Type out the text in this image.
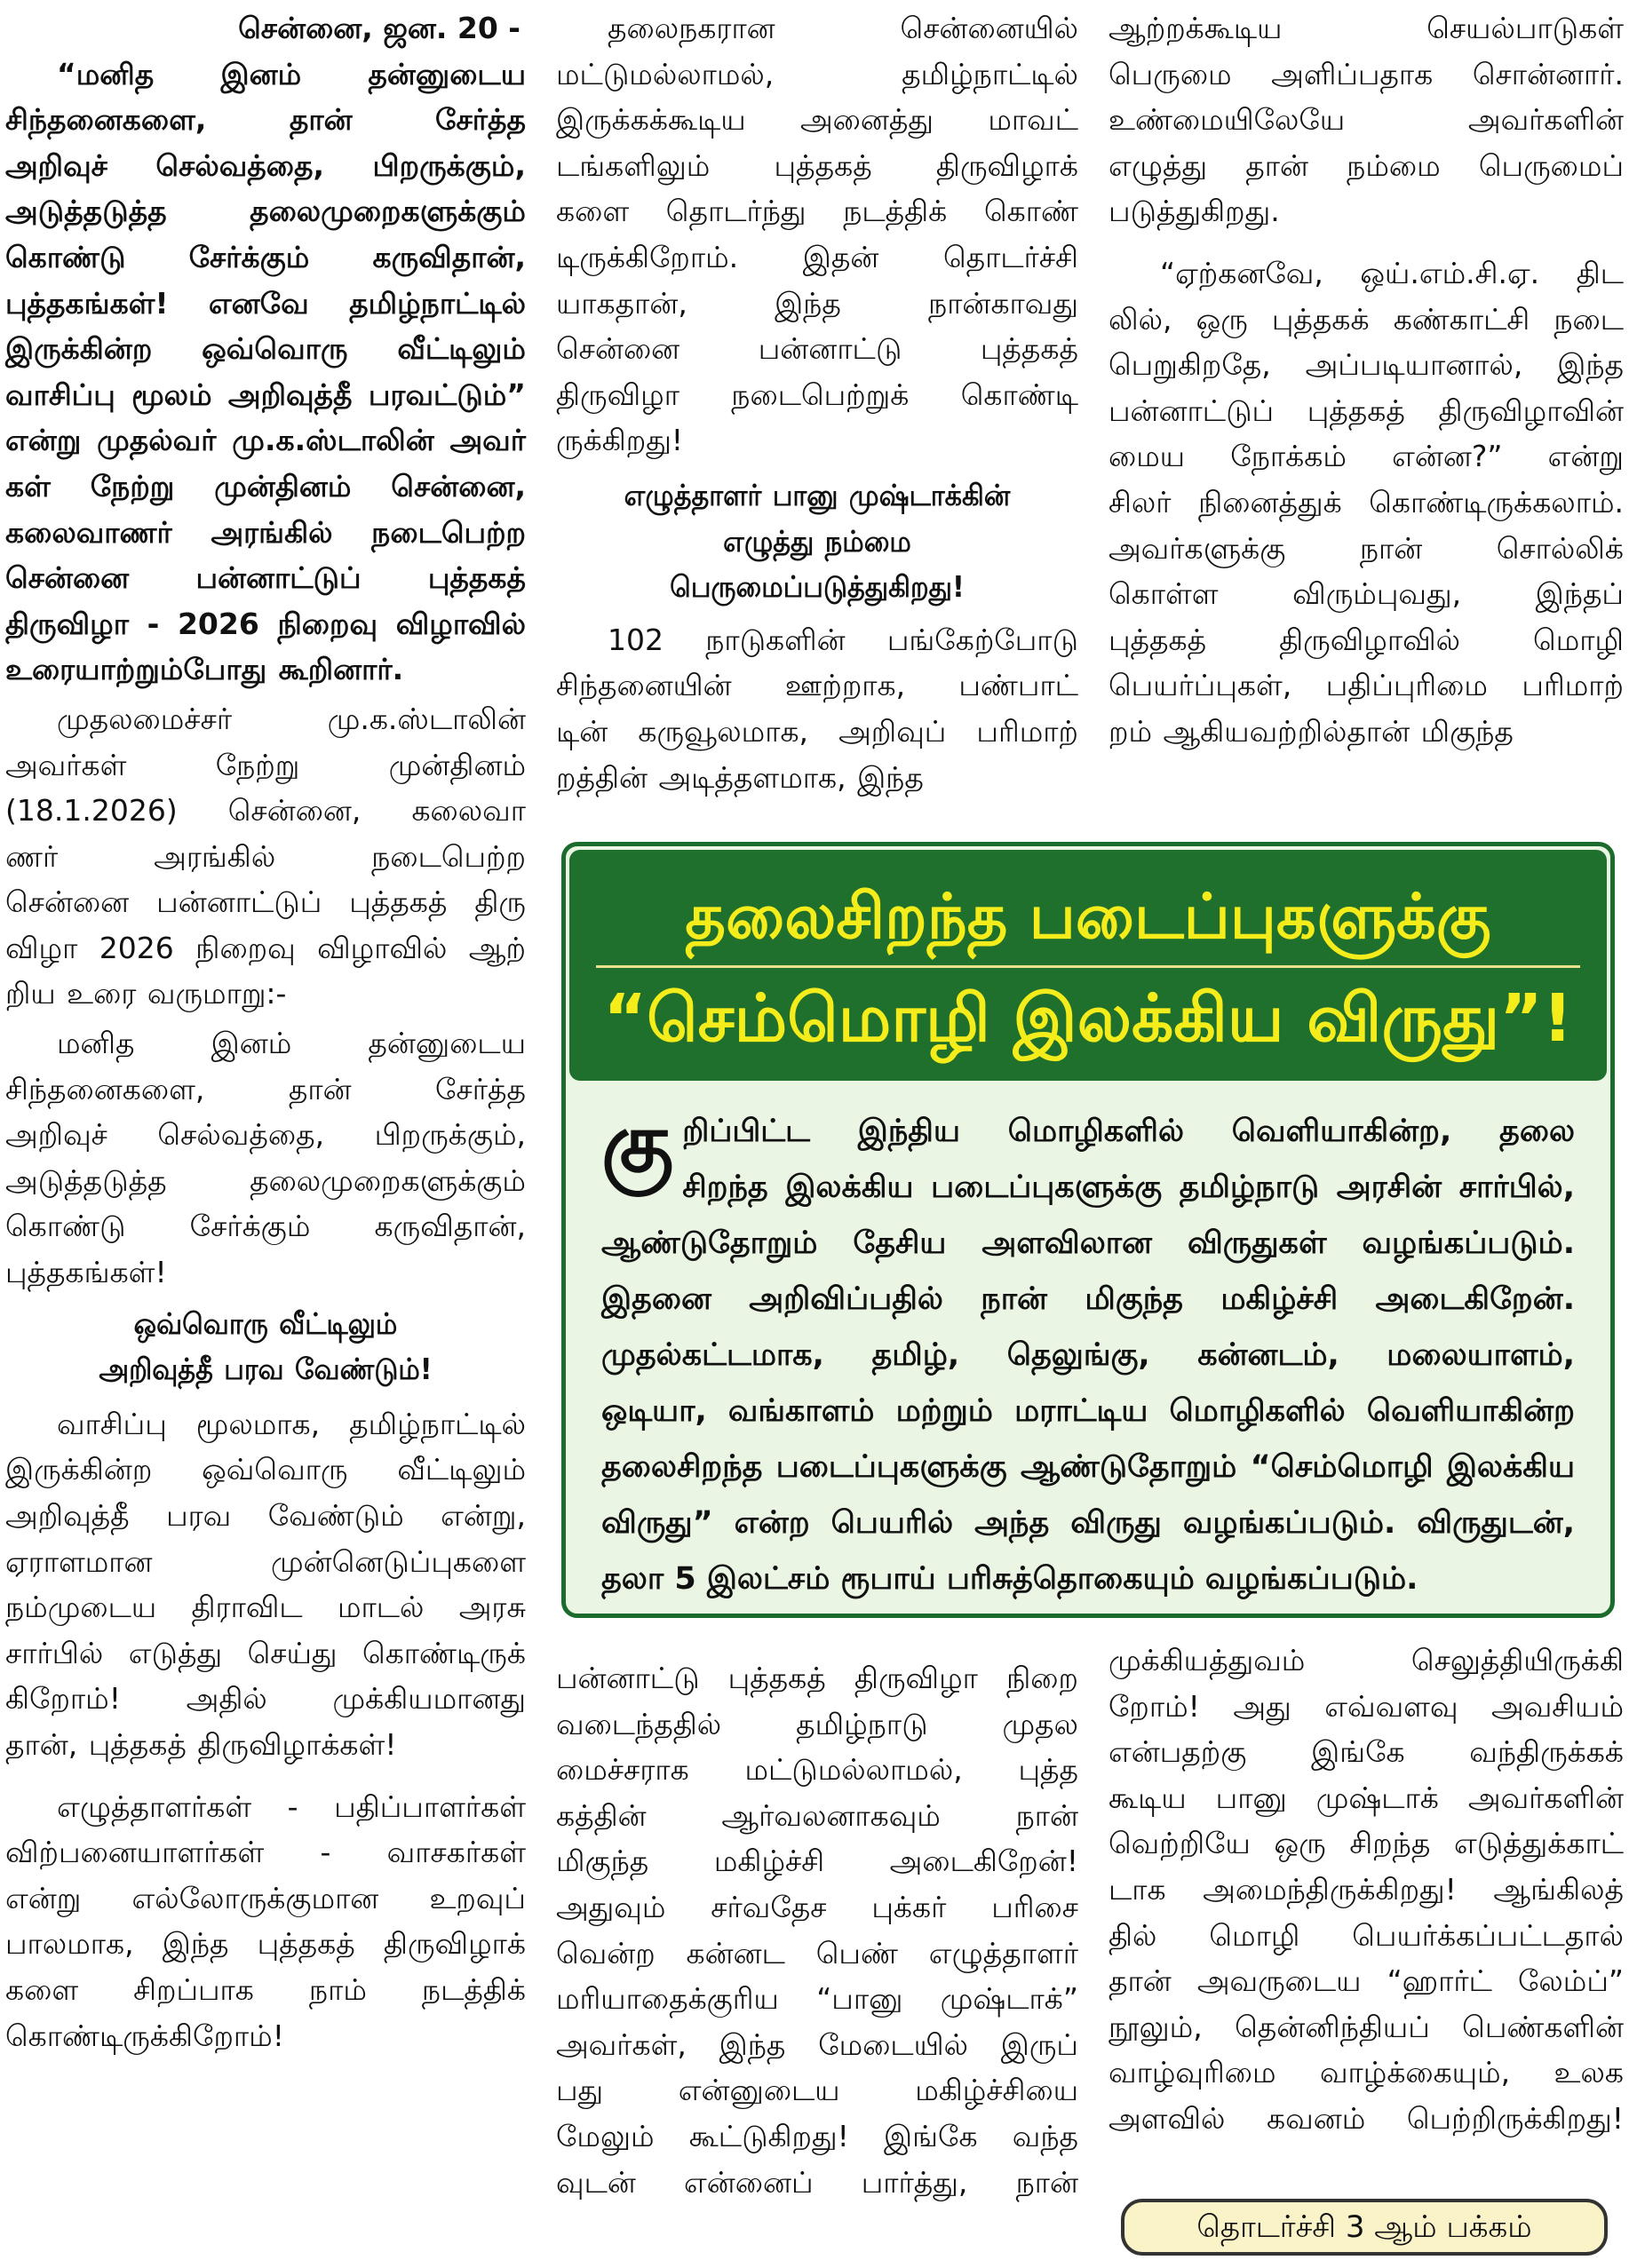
சென்னை, ஜன. 20 -

“மனித இனம் தன்னுடைய

சிந்தனைகளை, தான் சேர்த்த

அறிவுச் செல்வத்தை, பிறருக்கும்,

அடுத்தடுத்த தலைமுறைகளுக்கும்

கொண்டு சேர்க்கும் கருவிதான்,

புத்தகங்கள்! எனவே தமிழ்நாட்டில்

இருக்கின்ற ஒவ்வொரு வீட்டிலும்

வாசிப்பு மூலம் அறிவுத்தீ பரவட்டும்”

என்று முதல்வர் மு.க.ஸ்டாலின் அவர்

கள் நேற்று முன்தினம் சென்னை,

கலைவாணர் அரங்கில் நடைபெற்ற

சென்னை பன்னாட்டுப் புத்தகத்

திருவிழா - 2026 நிறைவு விழாவில்

உரையாற்றும்போது கூறினார்.

முதலமைச்சர் மு.க.ஸ்டாலின்

அவர்கள் நேற்று முன்தினம்

(18.1.2026) சென்னை, கலைவா

ணர் அரங்கில் நடைபெற்ற

சென்னை பன்னாட்டுப் புத்தகத் திரு

விழா 2026 நிறைவு விழாவில் ஆற்

றிய உரை வருமாறு:-

மனித இனம் தன்னுடைய

சிந்தனைகளை, தான் சேர்த்த

அறிவுச் செல்வத்தை, பிறருக்கும்,

அடுத்தடுத்த தலைமுறைகளுக்கும்

கொண்டு சேர்க்கும் கருவிதான்,

புத்தகங்கள்!

ஒவ்வொரு வீட்டிலும்

அறிவுத்தீ பரவ வேண்டும்!

வாசிப்பு மூலமாக, தமிழ்நாட்டில்

இருக்கின்ற ஒவ்வொரு வீட்டிலும்

அறிவுத்தீ பரவ வேண்டும் என்று,

ஏராளமான முன்னெடுப்புகளை

நம்முடைய திராவிட மாடல் அரசு

சார்பில் எடுத்து செய்து கொண்டிருக்

கிறோம்! அதில் முக்கியமானது

தான், புத்தகத் திருவிழாக்கள்!

எழுத்தாளர்கள் - பதிப்பாளர்கள்

விற்பனையாளர்கள் - வாசகர்கள்

என்று எல்லோருக்குமான உறவுப்

பாலமாக, இந்த புத்தகத் திருவிழாக்

களை சிறப்பாக நாம் நடத்திக்

கொண்டிருக்கிறோம்!

தலைநகரான சென்னையில்

மட்டுமல்லாமல், தமிழ்நாட்டில்

இருக்கக்கூடிய அனைத்து மாவட்

டங்களிலும் புத்தகத் திருவிழாக்

களை தொடர்ந்து நடத்திக் கொண்

டிருக்கிறோம். இதன் தொடர்ச்சி

யாகதான், இந்த நான்காவது

சென்னை பன்னாட்டு புத்தகத்

திருவிழா நடைபெற்றுக் கொண்டி

ருக்கிறது!

எழுத்தாளர் பானு முஷ்டாக்கின்

எழுத்து நம்மை பெருமைப்படுத்துகிறது!

102 நாடுகளின் பங்கேற்போடு

சிந்தனையின் ஊற்றாக, பண்பாட்

டின் கருவூலமாக, அறிவுப் பரிமாற்

றத்தின் அடித்தளமாக, இந்த

ஆற்றக்கூடிய செயல்பாடுகள்

பெருமை அளிப்பதாக சொன்னார்.

உண்மையிலேயே அவர்களின்

எழுத்து தான் நம்மை பெருமைப்

படுத்துகிறது.

“ஏற்கனவே, ஒய்.எம்.சி.ஏ. திட

லில், ஒரு புத்தகக் கண்காட்சி நடை

பெறுகிறதே, அப்படியானால், இந்த

பன்னாட்டுப் புத்தகத் திருவிழாவின்

மைய நோக்கம் என்ன?” என்று

சிலர் நினைத்துக் கொண்டிருக்கலாம்.

அவர்களுக்கு நான் சொல்லிக்

கொள்ள விரும்புவது, இந்தப்

புத்தகத் திருவிழாவில் மொழி

பெயர்ப்புகள், பதிப்புரிமை பரிமாற்

றம் ஆகியவற்றில்தான் மிகுந்த

தலைசிறந்த படைப்புகளுக்கு
“செம்மொழி இலக்கிய விருது”!
கு றிப்பிட்ட இந்திய மொழிகளில் வெளியாகின்ற, தலை

சிறந்த இலக்கிய படைப்புகளுக்கு தமிழ்நாடு அரசின் சார்பில்,

ஆண்டுதோறும் தேசிய அளவிலான விருதுகள் வழங்கப்படும்.

இதனை அறிவிப்பதில் நான் மிகுந்த மகிழ்ச்சி அடைகிறேன்.

முதல்கட்டமாக, தமிழ், தெலுங்கு, கன்னடம், மலையாளம்,

ஒடியா, வங்காளம் மற்றும் மராட்டிய மொழிகளில் வெளியாகின்ற

தலைசிறந்த படைப்புகளுக்கு ஆண்டுதோறும் “செம்மொழி இலக்கிய

விருது” என்ற பெயரில் அந்த விருது வழங்கப்படும். விருதுடன்,

தலா 5 இலட்சம் ரூபாய் பரிசுத்தொகையும் வழங்கப்படும்.

பன்னாட்டு புத்தகத் திருவிழா நிறை

வடைந்ததில் தமிழ்நாடு முதல

மைச்சராக மட்டுமல்லாமல், புத்த

கத்தின் ஆர்வலனாகவும் நான்

மிகுந்த மகிழ்ச்சி அடைகிறேன்!

அதுவும் சர்வதேச புக்கர் பரிசை

வென்ற கன்னட பெண் எழுத்தாளர்

மரியாதைக்குரிய “பானு முஷ்டாக்”

அவர்கள், இந்த மேடையில் இருப்

பது என்னுடைய மகிழ்ச்சியை

மேலும் கூட்டுகிறது! இங்கே வந்த

வுடன் என்னைப் பார்த்து, நான்

முக்கியத்துவம் செலுத்தியிருக்கி

றோம்! அது எவ்வளவு அவசியம்

என்பதற்கு இங்கே வந்திருக்கக்

கூடிய பானு முஷ்டாக் அவர்களின்

வெற்றியே ஒரு சிறந்த எடுத்துக்காட்

டாக அமைந்திருக்கிறது! ஆங்கிலத்

தில் மொழி பெயர்க்கப்பட்டதால்

தான் அவருடைய “ஹார்ட் லேம்ப்”

நூலும், தென்னிந்தியப் பெண்களின்

வாழ்வுரிமை வாழ்க்கையும், உலக

அளவில் கவனம் பெற்றிருக்கிறது!

தொடர்ச்சி 3 ஆம் பக்கம்
